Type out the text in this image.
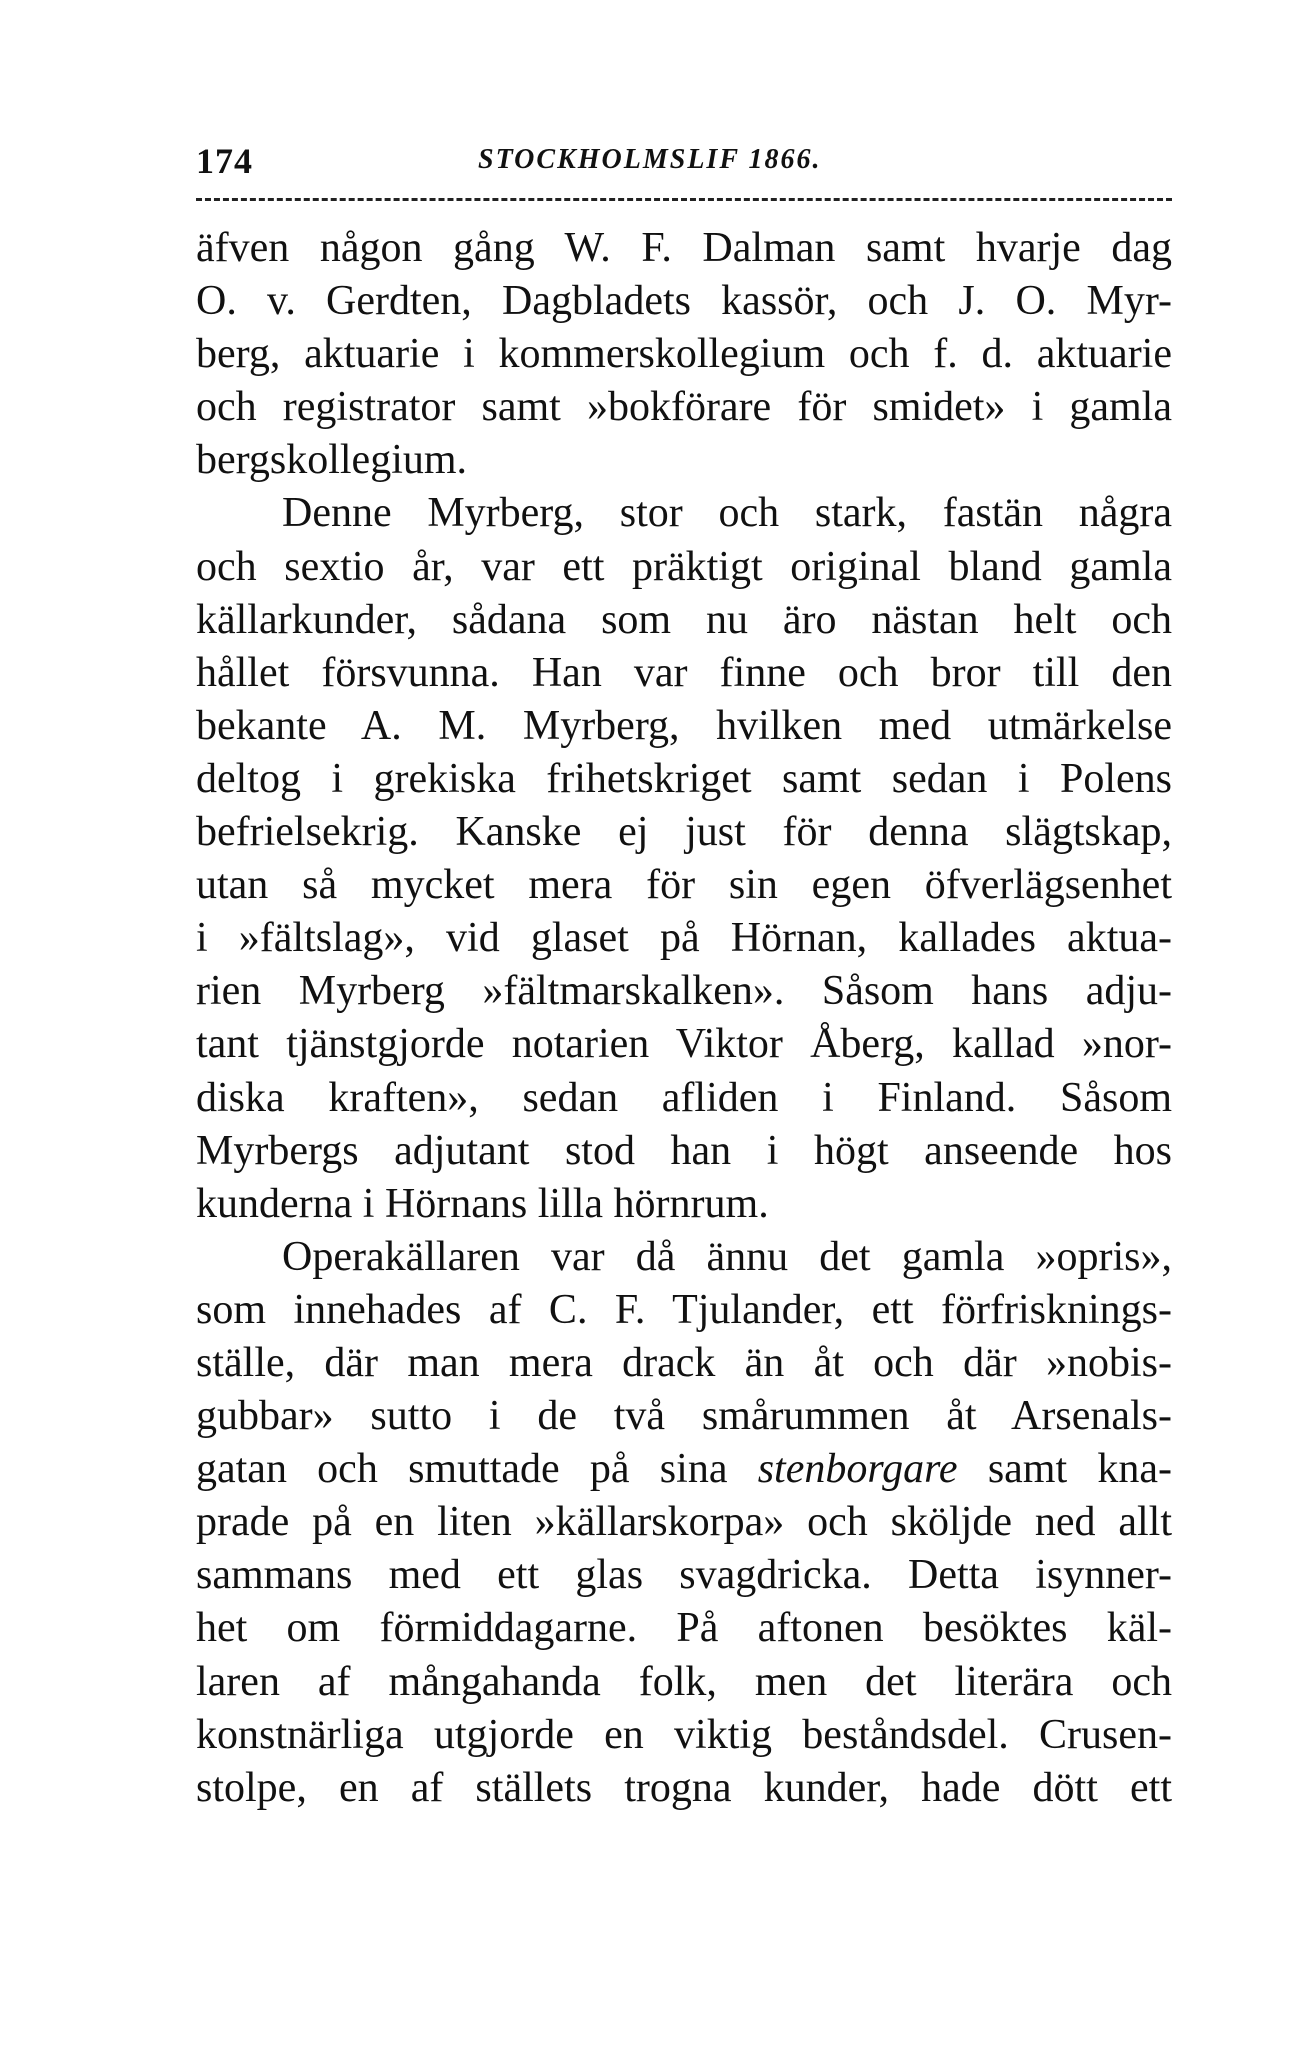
174	STOCKHOLMSLIF 1866.
äfven någon gång W. F. Dalman samt hvarje dag
O. v. Gerdten, Dagbladets kassör, och J. O. Myr-
berg, aktuarie i kommerskollegium och f. d. aktuarie
och registrator samt »bokförare för smidet» i gamla
bergskollegium.
Denne Myrberg, stor och stark, fastän några
och sextio år, var ett präktigt original bland gamla
källarkunder, sådana som nu äro nästan helt och
hållet försvunna. Han var finne och bror till den
bekante A. M. Myrberg, hvilken med utmärkelse
deltog i grekiska frihetskriget samt sedan i Polens
befrielsekrig. Kanske ej just för denna slägtskap,
utan så mycket mera för sin egen öfverlägsenhet
i »fältslag», vid glaset på Hörnan, kallades aktua-
rien Myrberg »fältmarskalken». Såsom hans adju-
tant tjänstgjorde notarien Viktor Åberg, kallad »nor-
diska kraften», sedan afliden i Finland. Såsom
Myrbergs adjutant stod han i högt anseende hos
kunderna i Hörnans lilla hörnrum.
Operakällaren var då ännu det gamla »opris»,
som innehades af C. F. Tjulander, ett förfrisknings-
ställe, där man mera drack än åt och där »nobis-
gubbar» sutto i de två smårummen åt Arsenals-
gatan och smuttade på sina stenborgare samt kna-
prade på en liten »källarskorpa» och sköljde ned allt
sammans med ett glas svagdricka. Detta isynner-
het om förmiddagarne. På aftonen besöktes käl-
laren af mångahanda folk, men det literära och
konstnärliga utgjorde en viktig beståndsdel. Crusen-
stolpe, en af ställets trogna kunder, hade dött ett
